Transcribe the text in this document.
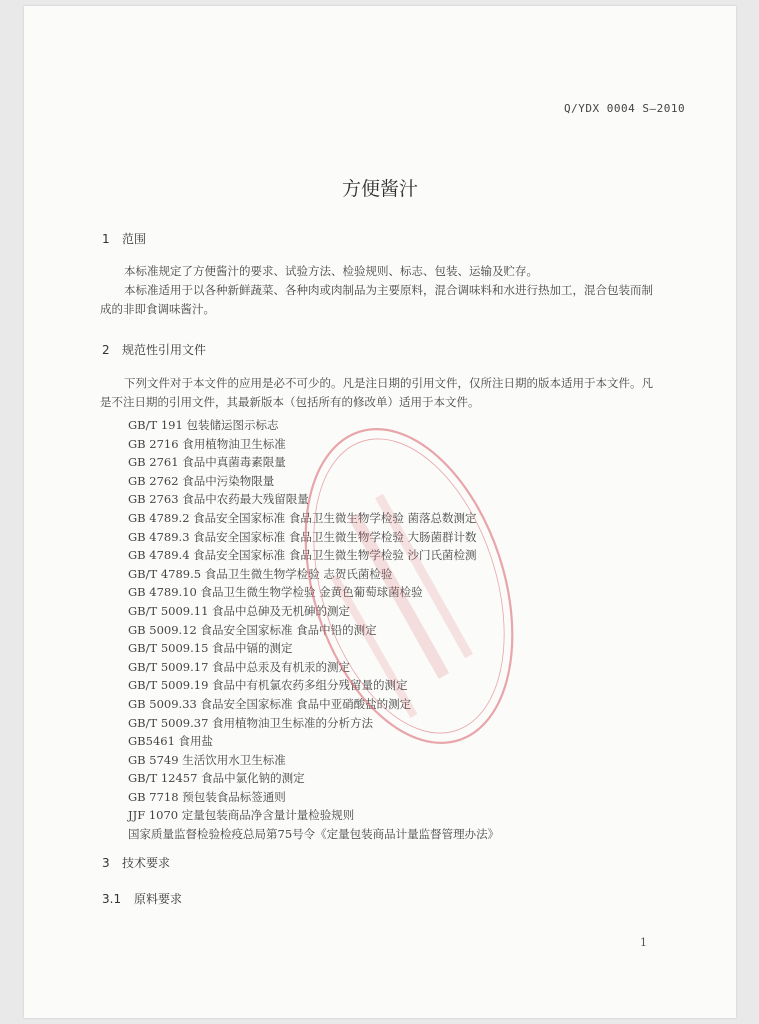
Q/YDX 0004 S—2010
方便酱汁
1 范围

本标准规定了方便酱汁的要求、试验方法、检验规则、标志、包装、运输及贮存。

本标准适用于以各种新鲜蔬菜、各种肉或肉制品为主要原料，混合调味料和水进行热加工，混合包装而制成的非即食调味酱汁。

2 规范性引用文件

下列文件对于本文件的应用是必不可少的。凡是注日期的引用文件，仅所注日期的版本适用于本文件。凡是不注日期的引用文件，其最新版本（包括所有的修改单）适用于本文件。

GB/T 191 包装储运图示标志
GB 2716 食用植物油卫生标准
GB 2761 食品中真菌毒素限量
GB 2762 食品中污染物限量
GB 2763 食品中农药最大残留限量
GB 4789.2 食品安全国家标准 食品卫生微生物学检验 菌落总数测定
GB 4789.3 食品安全国家标准 食品卫生微生物学检验 大肠菌群计数
GB 4789.4 食品安全国家标准 食品卫生微生物学检验 沙门氏菌检测
GB/T 4789.5 食品卫生微生物学检验 志贺氏菌检验
GB 4789.10 食品卫生微生物学检验 金黄色葡萄球菌检验
GB/T 5009.11 食品中总砷及无机砷的测定
GB 5009.12 食品安全国家标准 食品中铅的测定
GB/T 5009.15 食品中镉的测定
GB/T 5009.17 食品中总汞及有机汞的测定
GB/T 5009.19 食品中有机氯农药多组分残留量的测定
GB 5009.33 食品安全国家标准 食品中亚硝酸盐的测定
GB/T 5009.37 食用植物油卫生标准的分析方法
GB5461 食用盐
GB 5749 生活饮用水卫生标准
GB/T 12457 食品中氯化钠的测定
GB 7718 预包装食品标签通则
JJF 1070 定量包装商品净含量计量检验规则
国家质量监督检验检疫总局第75号令《定量包装商品计量监督管理办法》
3 技术要求
3.1 原料要求
1
